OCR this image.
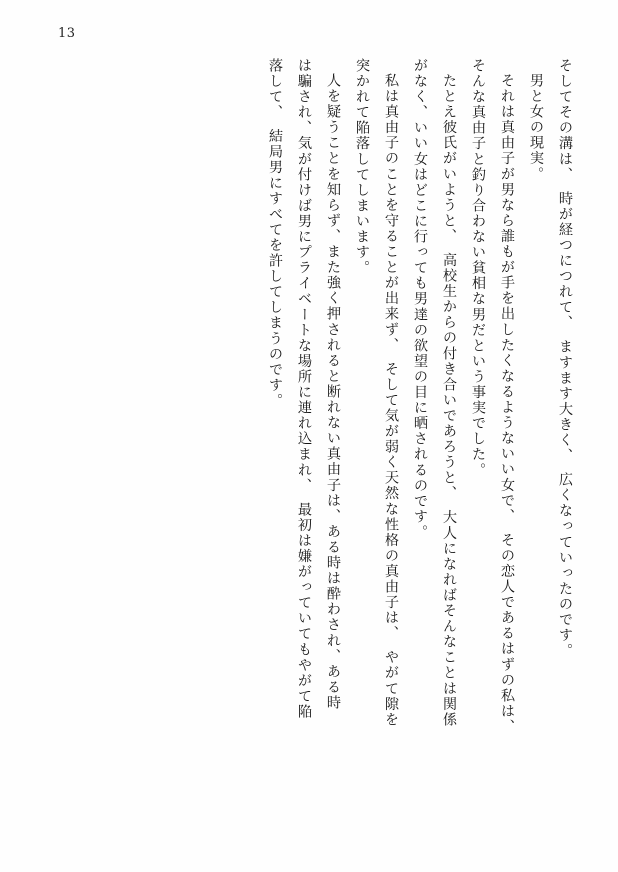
13
そしてその溝は、　時が経つにつれて、　ますます大きく、　広くなっていったのです。
男と女の現実。
それは真由子が男なら誰もが手を出したくなるようないい女で、　その恋人であるはずの私は、
そんな真由子と釣り合わない貧相な男だという事実でした。
たとえ彼氏がいようと、　高校生からの付き合いであろうと、　大人になればそんなことは関係
がなく、いい女はどこに行っても男達の欲望の目に晒されるのです。
私は真由子のことを守ることが出来ず、　そして気が弱く天然な性格の真由子は、　やがて隙を
突かれて陥落してしまいます。
人を疑うことを知らず、また強く押されると断れない真由子は、ある時は酔わされ、ある時
は騙され、気が付けば男にプライベートな場所に連れ込まれ、　最初は嫌がっていてもやがて陥
落して、　結局男にすべてを許してしまうのです。
